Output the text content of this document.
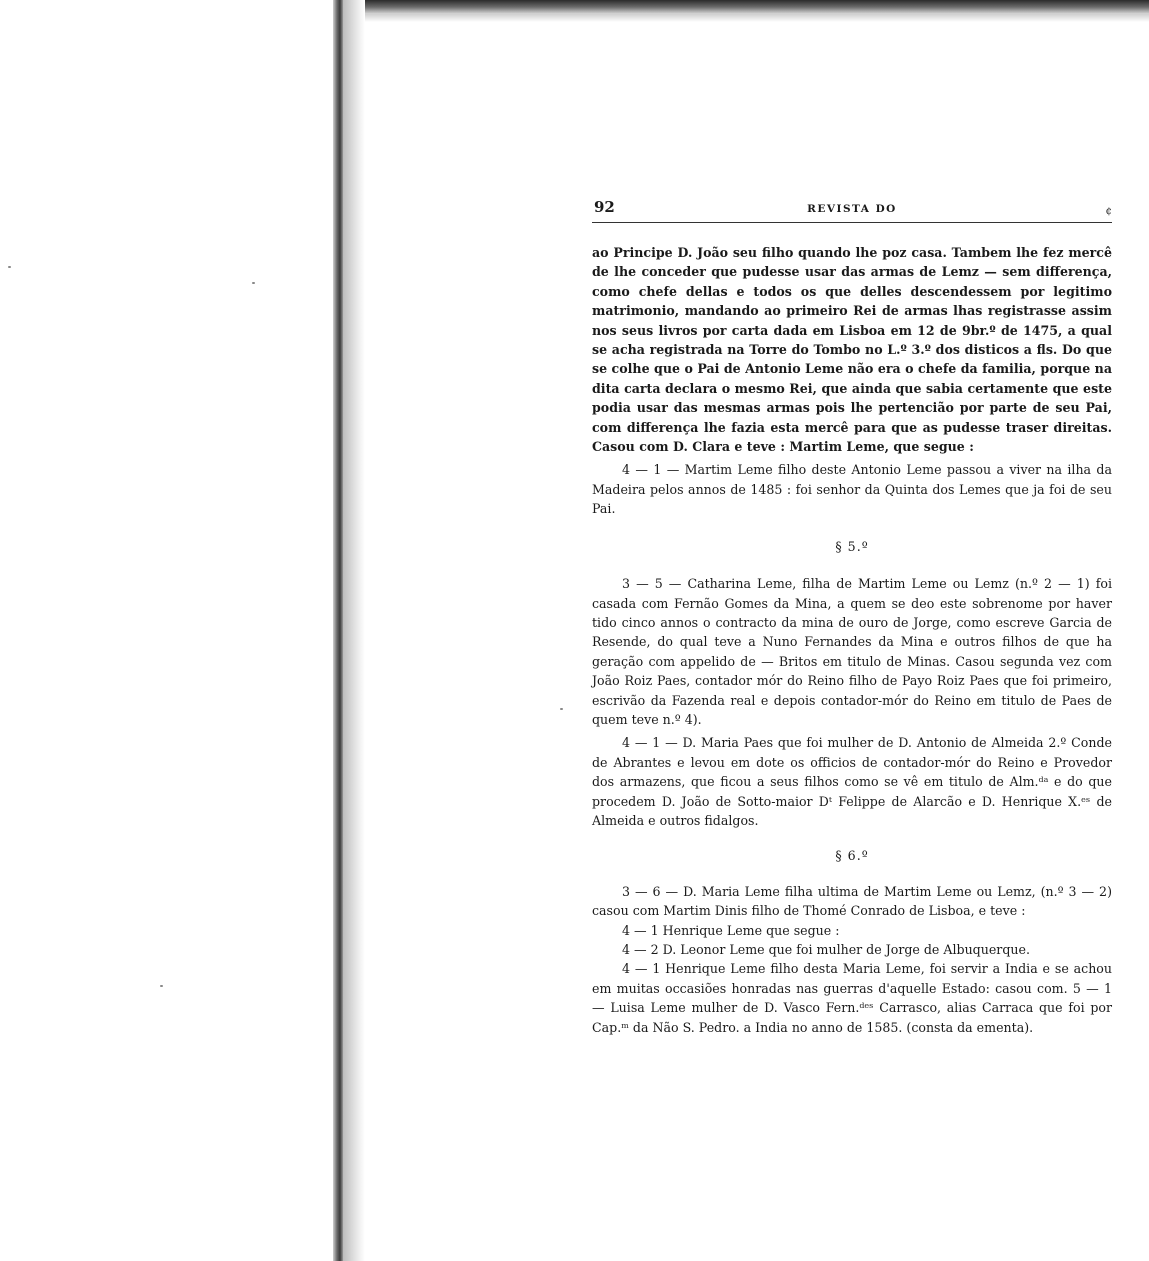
92	REVISTA DO	¢

ao Principe D. João seu filho quando lhe poz casa. Tambem lhe fez mercê de lhe conceder que pudesse usar das armas de Lemz — sem differença, como chefe dellas e todos os que delles descendessem por legitimo matrimonio, mandando ao primeiro Rei de armas lhas registrasse assim nos seus livros por carta dada em Lisboa em 12 de 9br.º de 1475, a qual se acha registrada na Torre do Tombo no L.º 3.º dos disticos a fls. Do que se colhe que o Pai de Antonio Leme não era o chefe da familia, porque na dita carta declara o mesmo Rei, que ainda que sabia certamente que este podia usar das mesmas armas pois lhe pertencião por parte de seu Pai, com differença lhe fazia esta mercê para que as pudesse traser direitas. Casou com D. Clara e teve : Martim Leme, que segue :

4 — 1 — Martim Leme filho deste Antonio Leme passou a viver na ilha da Madeira pelos annos de 1485 : foi senhor da Quinta dos Lemes que ja foi de seu Pai.

§ 5.º

3 — 5 — Catharina Leme, filha de Martim Leme ou Lemz (n.º 2 — 1) foi casada com Fernão Gomes da Mina, a quem se deo este sobrenome por haver tido cinco annos o contracto da mina de ouro de Jorge, como escreve Garcia de Resende, do qual teve a Nuno Fernandes da Mina e outros filhos de que ha geração com appelido de — Britos em titulo de Minas. Casou segunda vez com João Roiz Paes, contador mór do Reino filho de Payo Roiz Paes que foi primeiro, escrivão da Fazenda real e depois contador-mór do Reino em titulo de Paes de quem teve n.º 4).

4 — 1 — D. Maria Paes que foi mulher de D. Antonio de Almeida 2.º Conde de Abrantes e levou em dote os officios de contador-mór do Reino e Provedor dos armazens, que ficou a seus filhos como se vê em titulo de Alm.ᵈᵃ e do que procedem D. João de Sotto-maior Dᵗ Felippe de Alarcão e D. Henrique X.ᵉˢ de Almeida e outros fidalgos.

§ 6.º

3 — 6 — D. Maria Leme filha ultima de Martim Leme ou Lemz, (n.º 3 — 2) casou com Martim Dinis filho de Thomé Conrado de Lisboa, e teve :

4 — 1 Henrique Leme que segue :

4 — 2 D. Leonor Leme que foi mulher de Jorge de Albuquerque.

4 — 1 Henrique Leme filho desta Maria Leme, foi servir a India e se achou em muitas occasiões honradas nas guerras d'aquelle Estado: casou com. 5 — 1 — Luisa Leme mulher de D. Vasco Fern.ᵈᵉˢ Carrasco, alias Carraca que foi por Cap.ᵐ da Não S. Pedro. a India no anno de 1585. (consta da ementa).
